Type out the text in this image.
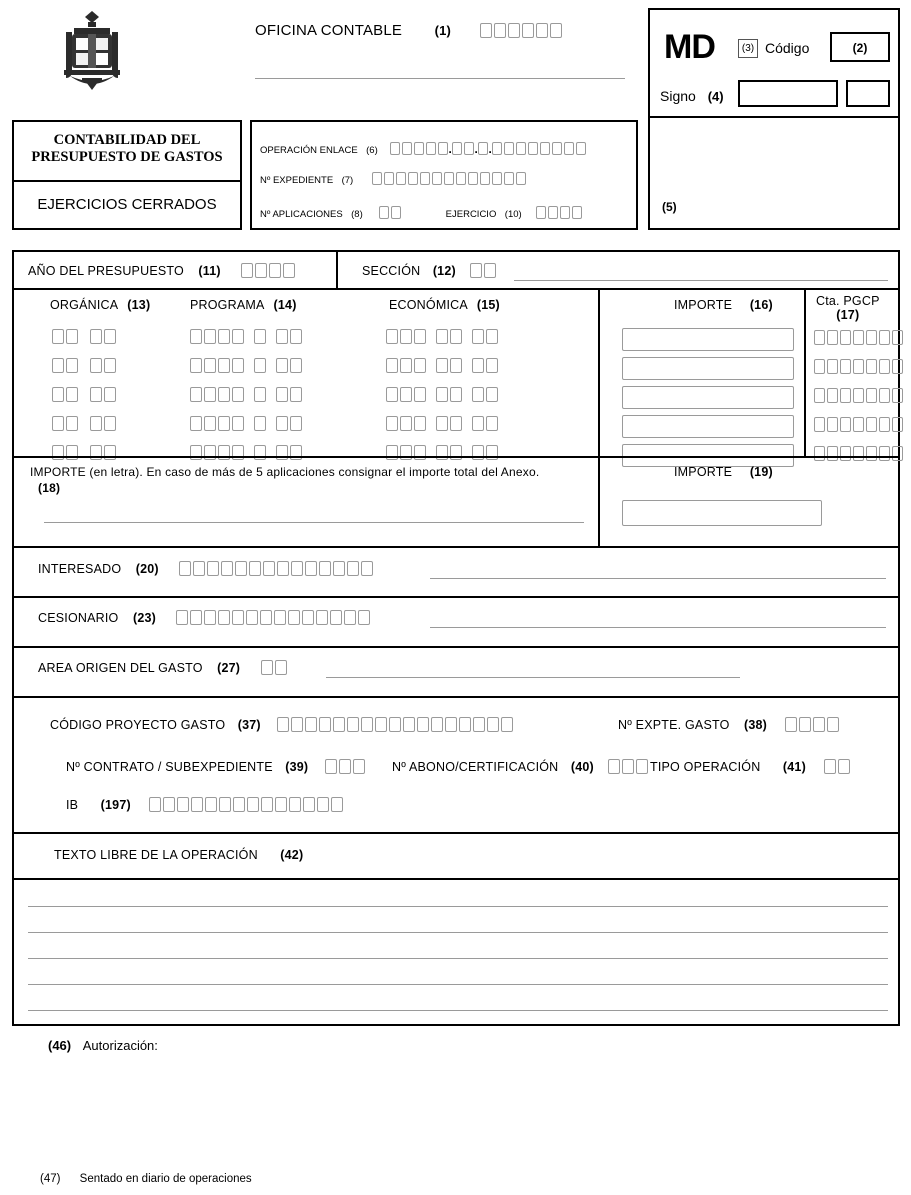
OFICINA CONTABLE (1)	MD	(3) Código	(2)
Signo (4)
(5)
CONTABILIDAD DEL
PRESUPUESTO DE GASTOS
EJERCICIOS CERRADOS
OPERACIÓN ENLACE (6)	. . .
Nº EXPEDIENTE (7)
Nº APLICACIONES (8)	EJERCICIO (10)
AÑO DEL PRESUPUESTO (11)	SECCIÓN (12)
ORGÁNICA (13)	PROGRAMA (14)	ECONÓMICA (15)	IMPORTE (16)	Cta. PGCP
(17)
IMPORTE (en letra). En caso de más de 5 aplicaciones consignar el importe total del Anexo.
(18)
IMPORTE (19)
INTERESADO (20)
CESIONARIO (23)
AREA ORIGEN DEL GASTO (27)
CÓDIGO PROYECTO GASTO (37)	Nº EXPTE. GASTO (38)
Nº CONTRATO / SUBEXPEDIENTE (39)	Nº ABONO/CERTIFICACIÓN (40)	TIPO OPERACIÓN (41)
IB (197)
TEXTO LIBRE DE LA OPERACIÓN (42)
(46) Autorización:
(47) Sentado en diario de operaciones
